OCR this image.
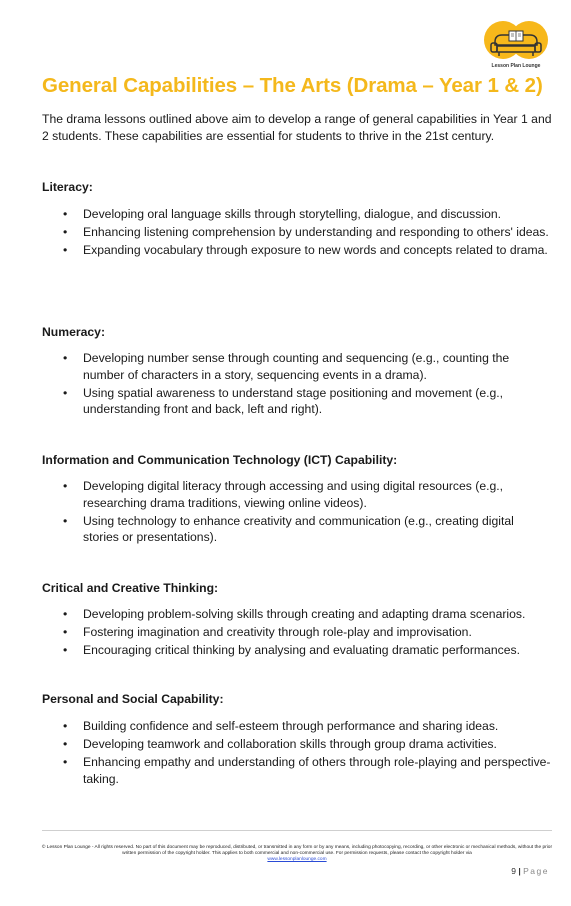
Lesson Plan Lounge
General Capabilities – The Arts (Drama – Year 1 & 2)

The drama lessons outlined above aim to develop a range of general capabilities in Year 1 and 2 students. These capabilities are essential for students to thrive in the 21st century.

Literacy:
• Developing oral language skills through storytelling, dialogue, and discussion.
• Enhancing listening comprehension by understanding and responding to others' ideas.
• Expanding vocabulary through exposure to new words and concepts related to drama.
Numeracy:
• Developing number sense through counting and sequencing (e.g., counting the number of characters in a story, sequencing events in a drama).
• Using spatial awareness to understand stage positioning and movement (e.g., understanding front and back, left and right).
Information and Communication Technology (ICT) Capability:
• Developing digital literacy through accessing and using digital resources (e.g., researching drama traditions, viewing online videos).
• Using technology to enhance creativity and communication (e.g., creating digital stories or presentations).
Critical and Creative Thinking:
• Developing problem-solving skills through creating and adapting drama scenarios.
• Fostering imagination and creativity through role-play and improvisation.
• Encouraging critical thinking by analysing and evaluating dramatic performances.
Personal and Social Capability:
• Building confidence and self-esteem through performance and sharing ideas.
• Developing teamwork and collaboration skills through group drama activities.
• Enhancing empathy and understanding of others through role-playing and perspective-taking.

© Lesson Plan Lounge - All rights reserved. No part of this document may be reproduced, distributed, or transmitted in any form or by any means, including photocopying, recording, or other electronic or mechanical methods, without the prior written permission of the copyright holder. This applies to both commercial and non-commercial use. For permission requests, please contact the copyright holder via
www.lessonplanlounge.com

9 | Page
